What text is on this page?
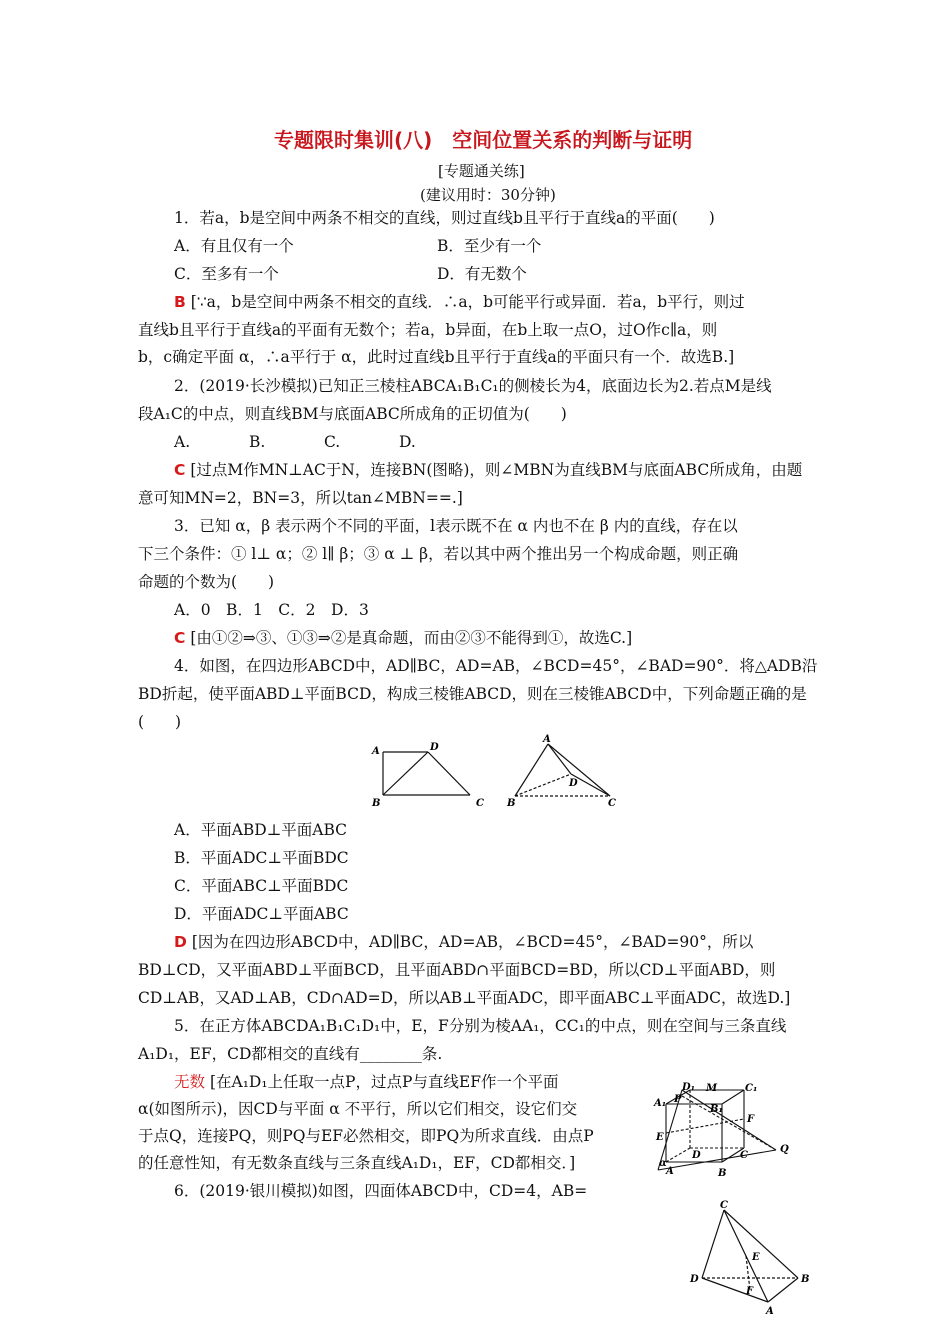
专题限时集训(八)　空间位置关系的判断与证明
[专题通关练]
(建议用时：30分钟)
1．若a，b是空间中两条不相交的直线，则过直线b且平行于直线a的平面(　　)
A．有且仅有一个	B．至少有一个
C．至多有一个	D．有无数个
B [∵a，b是空间中两条不相交的直线．∴a，b可能平行或异面．若a，b平行，则过
直线b且平行于直线a的平面有无数个；若a，b异面，在b上取一点O，过O作c∥a，则
b，c确定平面 α，∴a平行于 α，此时过直线b且平行于直线a的平面只有一个．故选B.]
2．(2019·长沙模拟)已知正三棱柱ABCA₁B₁C₁的侧棱长为4，底面边长为2.若点M是线
段A₁C的中点，则直线BM与底面ABC所成角的正切值为(　　)
A.	B.	C.	D.
C [过点M作MN⊥AC于N，连接BN(图略)，则∠MBN为直线BM与底面ABC所成角，由题
意可知MN=2，BN=3，所以tan∠MBN==.]
3．已知 α，β 表示两个不同的平面，l表示既不在 α 内也不在 β 内的直线，存在以
下三个条件：① l⊥ α；② l∥ β；③ α ⊥ β，若以其中两个推出另一个构成命题，则正确
命题的个数为(　　)
A．0　B．1　C．2　D．3
C [由①②⇒③、①③⇒②是真命题，而由②③不能得到①，故选C.]
4．如图，在四边形ABCD中，AD∥BC，AD=AB，∠BCD=45°，∠BAD=90°．将△ADB沿
BD折起，使平面ABD⊥平面BCD，构成三棱锥ABCD，则在三棱锥ABCD中，下列命题正确的是
(　　)
A	D
B	C
A
D
B	C
A．平面ABD⊥平面ABC
B．平面ADC⊥平面BDC
C．平面ABC⊥平面BDC
D．平面ADC⊥平面ABC
D [因为在四边形ABCD中，AD∥BC，AD=AB，∠BCD=45°，∠BAD=90°，所以
BD⊥CD，又平面ABD⊥平面BCD，且平面ABD∩平面BCD=BD，所以CD⊥平面ABD，则
CD⊥AB，又AD⊥AB，CD∩AD=D，所以AB⊥平面ADC，即平面ABC⊥平面ADC，故选D.]
5．在正方体ABCDA₁B₁C₁D₁中，E，F分别为棱AA₁，CC₁的中点，则在空间与三条直线
A₁D₁，EF，CD都相交的直线有________条.
无数 [在A₁D₁上任取一点P，过点P与直线EF作一个平面
α(如图所示)，因CD与平面 α 不平行，所以它们相交，设它们交
于点Q，连接PQ，则PQ与EF必然相交，即PQ为所求直线．由点P
的任意性知，有无数条直线与三条直线A₁D₁，EF，CD都相交．]
D₁ M	C₁
A₁ P
B₁
F
E
D	C
Q
A	B
α
6．(2019·银川模拟)如图，四面体ABCD中，CD=4，AB=
C
E
D	B
F
A
